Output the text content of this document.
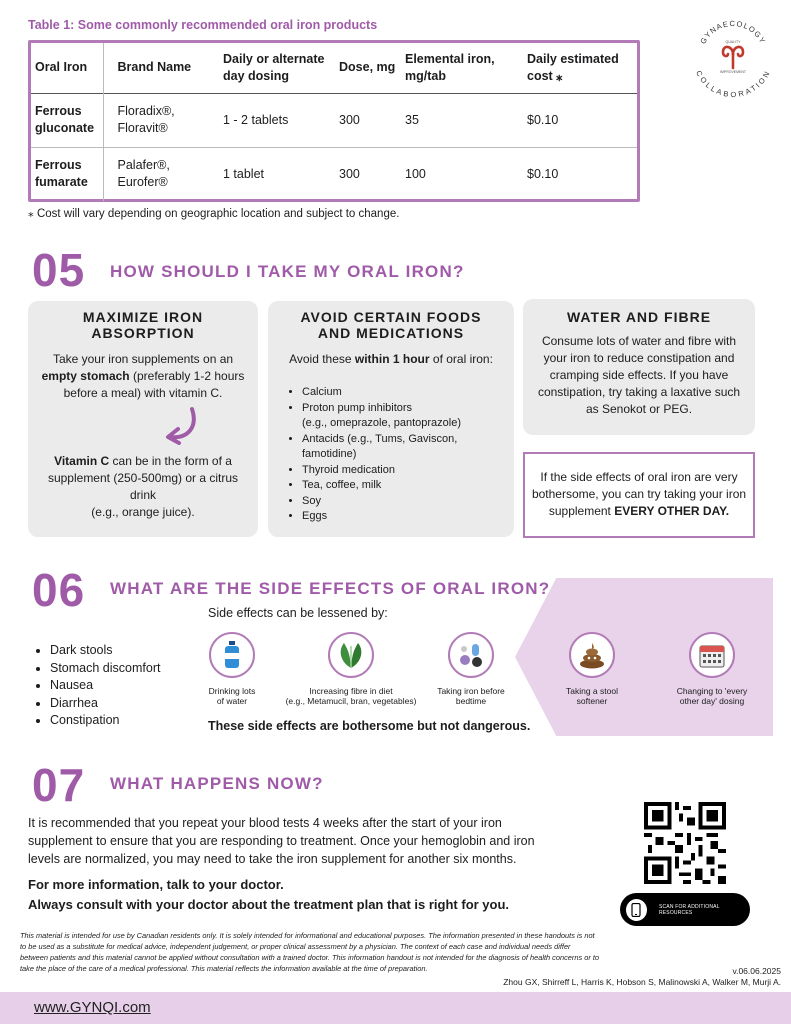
Table 1: Some commonly recommended oral iron products
Oral Iron	Brand Name	Daily or alternate day dosing	Dose, mg	Elemental iron, mg/tab	Daily estimated cost ⁎
Ferrous gluconate	Floradix®, Floravit®	1 - 2 tablets	300	35	$0.10
Ferrous fumarate	Palafer®, Eurofer®	1 tablet	300	100	$0.10
⁎ Cost will vary depending on geographic location and subject to change.
GYNAECOLOGY
COLLABORATION
QUALITY
IMPROVEMENT
05 HOW SHOULD I TAKE MY ORAL IRON?
MAXIMIZE IRON ABSORPTION

Take your iron supplements on an empty stomach (preferably 1-2 hours before a meal) with vitamin C.

Vitamin C can be in the form of a supplement (250-500mg) or a citrus drink
(e.g., orange juice).

AVOID CERTAIN FOODS AND MEDICATIONS

Avoid these within 1 hour of oral iron:

• Calcium
• Proton pump inhibitors
(e.g., omeprazole, pantoprazole)
• Antacids (e.g., Tums, Gaviscon, famotidine)
• Thyroid medication
• Tea, coffee, milk
• Soy
• Eggs
WATER AND FIBRE

Consume lots of water and fibre with your iron to reduce constipation and cramping side effects. If you have constipation, try taking a laxative such as Senokot or PEG.

If the side effects of oral iron are very bothersome, you can try taking your iron supplement EVERY OTHER DAY.

06 WHAT ARE THE SIDE EFFECTS OF ORAL IRON?
Side effects can be lessened by:
• Dark stools
• Stomach discomfort
• Nausea
• Diarrhea
• Constipation
Drinking lots
of water
Increasing fibre in diet
(e.g., Metamucil, bran, vegetables)
Taking iron before
bedtime
Taking a stool
softener
Changing to 'every
other day' dosing
These side effects are bothersome but not dangerous.
07 WHAT HAPPENS NOW?

It is recommended that you repeat your blood tests 4 weeks after the start of your iron supplement to ensure that you are responding to treatment. Once your hemoglobin and iron levels are normalized, you may need to take the iron supplement for another six months.

For more information, talk to your doctor.
Always consult with your doctor about the treatment plan that is right for you.	SCAN FOR ADDITIONAL RESOURCES

This material is intended for use by Canadian residents only. It is solely intended for informational and educational purposes. The information presented in these handouts is not to be used as a substitute for medical advice, independent judgement, or proper clinical assessment by a physician. The context of each case and individual needs differ between patients and this material cannot be applied without consultation with a trained doctor. This information handout is not intended for the diagnosis of health concerns or to take the place of the care of a medical professional. This material reflects the information available at the time of preparation.	v.06.06.2025
Zhou GX, Shirreff L, Harris K, Hobson S, Malinowski A, Walker M, Murji A.
www.GYNQI.com
